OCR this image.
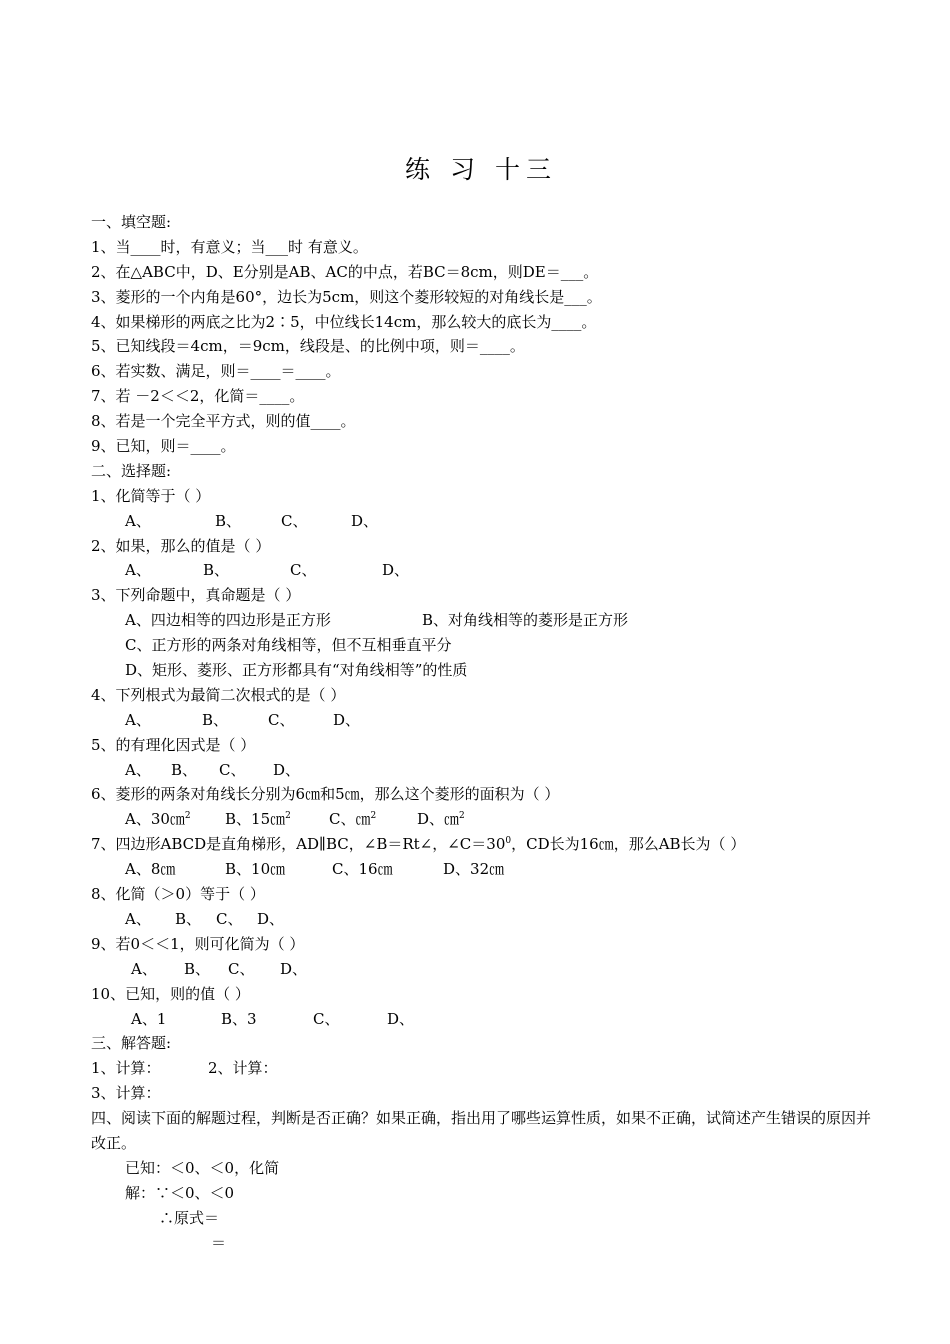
练 习 十三
一、填空题:
1、当____时，有意义；当___时 有意义。
2、在△ABC中，D、E分别是AB、AC的中点，若BC＝8cm，则DE＝___。
3、菱形的一个内角是60°，边长为5cm，则这个菱形较短的对角线长是___。
4、如果梯形的两底之比为2∶5，中位线长14cm，那么较大的底长为____。
5、已知线段＝4cm，＝9cm，线段是、的比例中项，则＝____。
6、若实数、满足，则＝____＝____。
7、若 －2＜＜2，化简＝____。
8、若是一个完全平方式，则的值____。
9、已知，则＝____。
二、选择题:
1、化简等于（ ）
A、	B、	C、	D、
2、如果，那么的值是（ ）
A、	B、	C、	D、
3、下列命题中，真命题是（ ）
A、四边相等的四边形是正方形	B、对角线相等的菱形是正方形
C、正方形的两条对角线相等，但不互相垂直平分
D、矩形、菱形、正方形都具有“对角线相等”的性质
4、下列根式为最简二次根式的是（ ）
A、	B、	C、	D、
5、的有理化因式是（ ）
A、 B、 C、 D、
6、菱形的两条对角线长分别为6㎝和5㎝，那么这个菱形的面积为（ ）
A、30㎝$^2$ B、15㎝$^2$	C、㎝$^2$	D、㎝$^2$
7、四边形ABCD是直角梯形，AD∥BC，∠B＝Rt∠，$\angle C=30^0$，CD长为16㎝，那么AB长为（ ）
A、8㎝	B、10㎝	C、16㎝	D、32㎝
8、化简（＞0）等于（ ）
A、 B、 C、 D、
9、若0＜＜1，则可化简为（ ）
A、 B、 C、 D、
10、已知，则的值（ ）
A、1	B、3	C、	D、
三、解答题:
1、计算：	2、计算：
3、计算：
四、阅读下面的解题过程，判断是否正确？如果正确，指出用了哪些运算性质，如果不正确，试简述产生错误的原因并改正。
已知：＜0、＜0，化简
解：∵＜0、＜0
∴原式＝
＝
